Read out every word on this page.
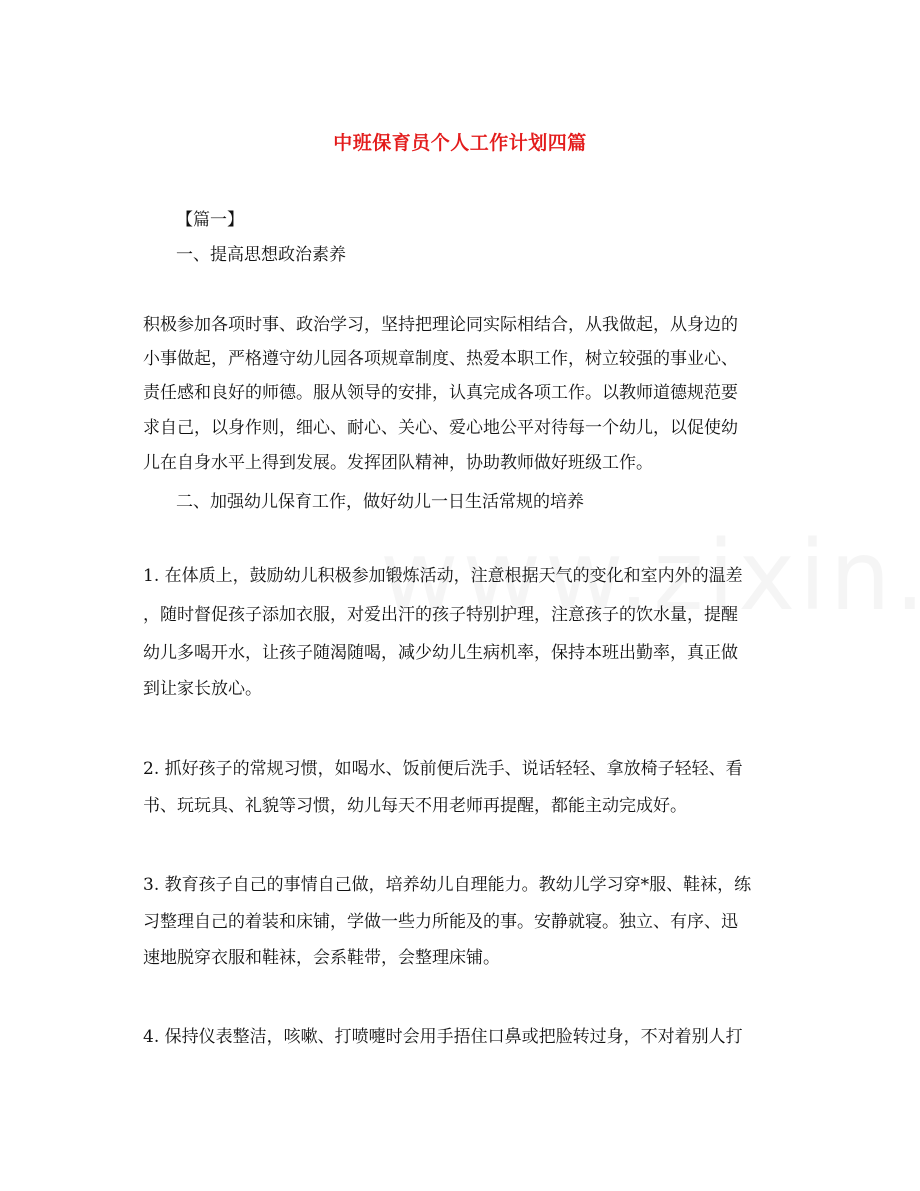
中班保育员个人工作计划四篇
【篇一】
一、提高思想政治素养
积极参加各项时事、政治学习，坚持把理论同实际相结合，从我做起，从身边的
小事做起，严格遵守幼儿园各项规章制度、热爱本职工作，树立较强的事业心、
责任感和良好的师德。服从领导的安排，认真完成各项工作。以教师道德规范要
求自己，以身作则，细心、耐心、关心、爱心地公平对待每一个幼儿，以促使幼
儿在自身水平上得到发展。发挥团队精神，协助教师做好班级工作。
二、加强幼儿保育工作，做好幼儿一日生活常规的培养
1. 在体质上，鼓励幼儿积极参加锻炼活动，注意根据天气的变化和室内外的温差
，随时督促孩子添加衣服，对爱出汗的孩子特别护理，注意孩子的饮水量，提醒
幼儿多喝开水，让孩子随渴随喝，减少幼儿生病机率，保持本班出勤率，真正做
到让家长放心。
2. 抓好孩子的常规习惯，如喝水、饭前便后洗手、说话轻轻、拿放椅子轻轻、看
书、玩玩具、礼貌等习惯，幼儿每天不用老师再提醒，都能主动完成好。
3. 教育孩子自己的事情自己做，培养幼儿自理能力。教幼儿学习穿*服、鞋袜，练
习整理自己的着装和床铺，学做一些力所能及的事。安静就寝。独立、有序、迅
速地脱穿衣服和鞋袜，会系鞋带，会整理床铺。
4. 保持仪表整洁，咳嗽、打喷嚏时会用手捂住口鼻或把脸转过身，不对着别人打
